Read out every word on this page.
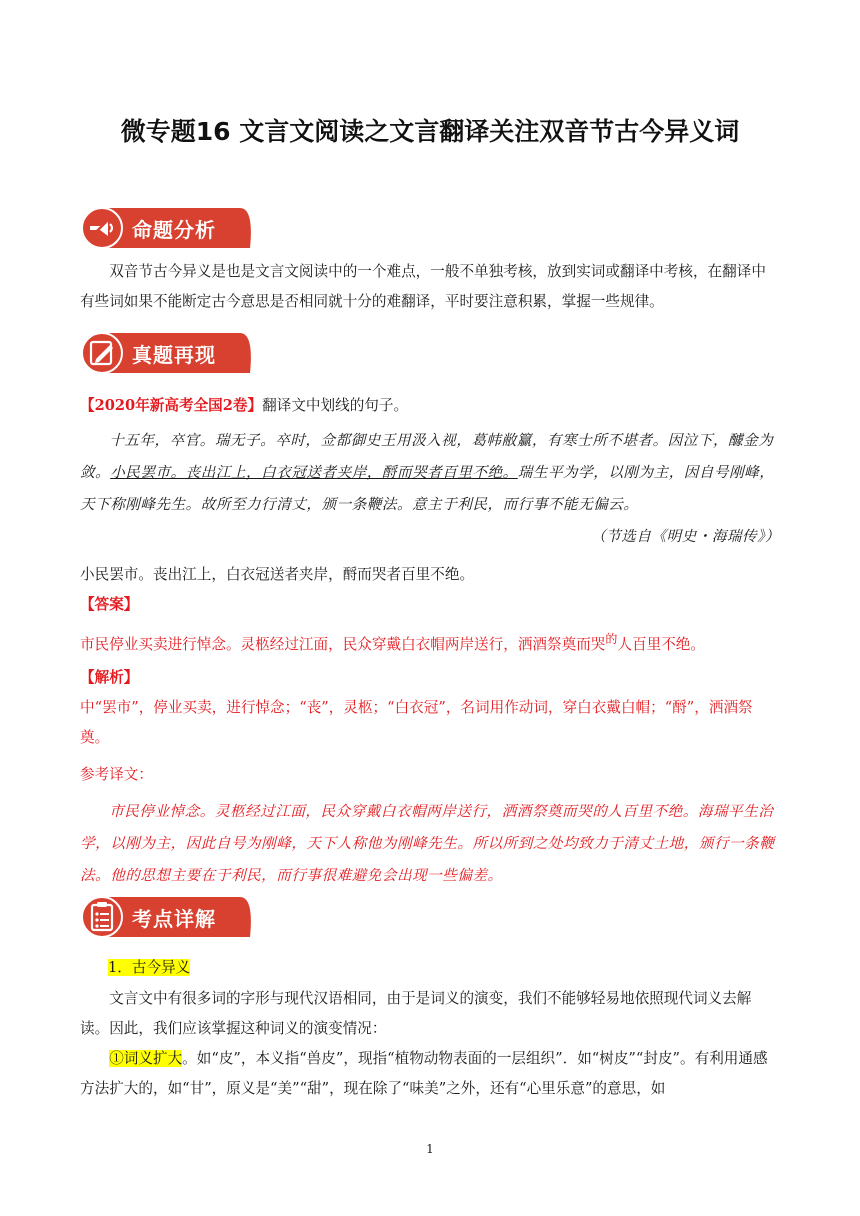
微专题16 文言文阅读之文言翻译关注双音节古今异义词
命题分析
双音节古今异义是也是文言文阅读中的一个难点，一般不单独考核，放到实词或翻译中考核，在翻译中有些词如果不能断定古今意思是否相同就十分的难翻译，平时要注意积累，掌握一些规律。
真题再现
【2020年新高考全国2卷】翻译文中划线的句子。
十五年，卒官。瑞无子。卒时，佥都御史王用汲入视，葛帏敝籯，有寒士所不堪者。因泣下，醵金为敛。小民罢市。丧出江上，白衣冠送者夹岸，酹而哭者百里不绝。瑞生平为学，以刚为主，因自号刚峰，天下称刚峰先生。故所至力行清丈，颁一条鞭法。意主于利民，而行事不能无偏云。
（节选自《明史・海瑞传》）
小民罢市。丧出江上，白衣冠送者夹岸，酹而哭者百里不绝。
【答案】
市民停业买卖进行悼念。灵柩经过江面，民众穿戴白衣帽两岸送行，洒酒祭奠而哭$^的$人百里不绝。
【解析】
中“罢市”，停业买卖，进行悼念；“丧”，灵柩；“白衣冠”，名词用作动词，穿白衣戴白帽；“酹”，洒酒祭奠。
参考译文：
市民停业悼念。灵柩经过江面，民众穿戴白衣帽两岸送行，洒酒祭奠而哭的人百里不绝。海瑞平生治学，以刚为主，因此自号为刚峰，天下人称他为刚峰先生。所以所到之处均致力于清丈土地，颁行一条鞭法。他的思想主要在于利民，而行事很难避免会出现一些偏差。
考点详解
1．古今异义
文言文中有很多词的字形与现代汉语相同，由于是词义的演变，我们不能够轻易地依照现代词义去解读。因此，我们应该掌握这种词义的演变情况：
①词义扩大。如“皮”，本义指“兽皮”，现指“植物动物表面的一层组织”．如“树皮”“封皮”。有利用通感方法扩大的，如“甘”，原义是“美”“甜”，现在除了“味美”之外，还有“心里乐意”的意思，如
1
